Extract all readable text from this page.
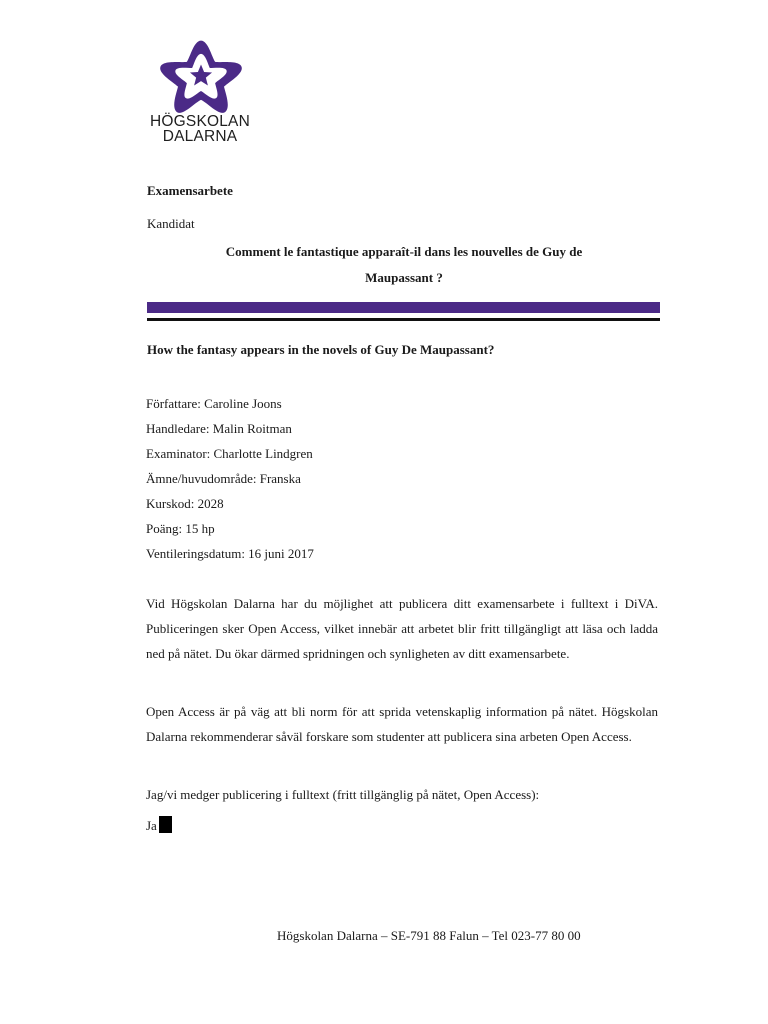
HÖGSKOLAN
DALARNA
Examensarbete
Kandidat
Comment le fantastique apparaît-il dans les nouvelles de Guy de
Maupassant ?
How the fantasy appears in the novels of Guy De Maupassant?
Författare: Caroline Joons
Handledare: Malin Roitman
Examinator: Charlotte Lindgren
Ämne/huvudområde: Franska
Kurskod: 2028
Poäng: 15 hp
Ventileringsdatum: 16 juni 2017

Vid Högskolan Dalarna har du möjlighet att publicera ditt examensarbete i fulltext i DiVA. Publiceringen sker Open Access, vilket innebär att arbetet blir fritt tillgängligt att läsa och ladda ned på nätet. Du ökar därmed spridningen och synligheten av ditt examensarbete.

Open Access är på väg att bli norm för att sprida vetenskaplig information på nätet. Högskolan Dalarna rekommenderar såväl forskare som studenter att publicera sina arbeten Open Access.

Jag/vi medger publicering i fulltext (fritt tillgänglig på nätet, Open Access):

Ja
Högskolan Dalarna – SE-791 88 Falun – Tel 023-77 80 00
